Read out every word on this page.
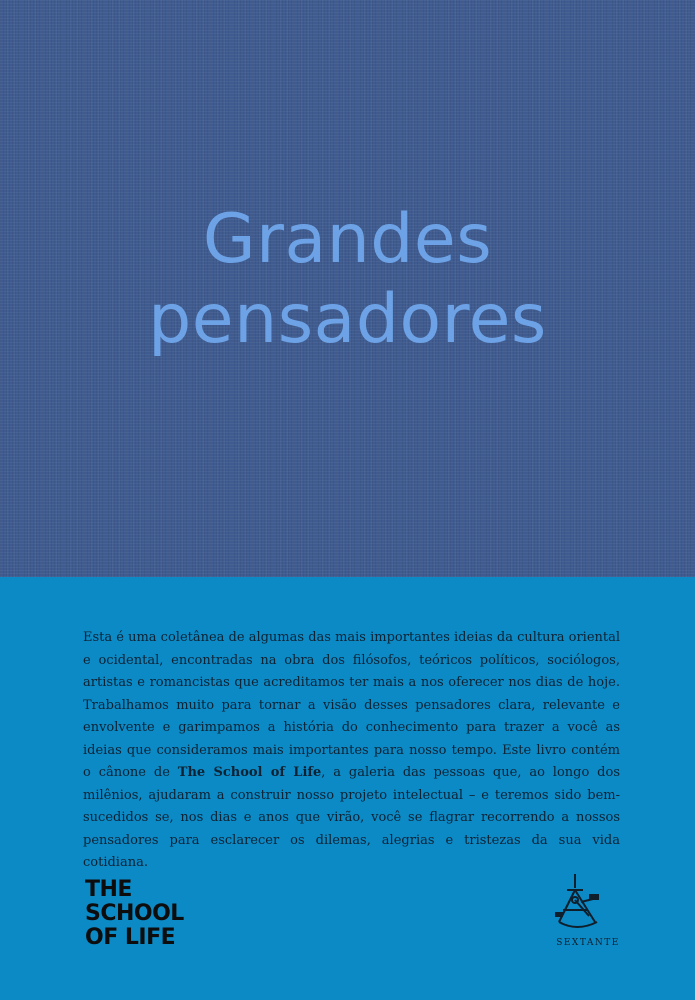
Grandes
pensadores

Esta é uma coletânea de algumas das mais importantes ideias da cultura oriental e ocidental, encontradas na obra dos filósofos, teóricos políticos, sociólogos, artistas e romancistas que acreditamos ter mais a nos oferecer nos dias de hoje. Trabalhamos muito para tornar a visão desses pensadores clara, relevante e envolvente e garimpamos a história do conhecimento para trazer a você as ideias que consideramos mais importantes para nosso tempo. Este livro contém o cânone de The School of Life, a galeria das pessoas que, ao longo dos milênios, ajudaram a construir nosso projeto intelectual – e teremos sido bem-sucedidos se, nos dias e anos que virão, você se flagrar recorrendo a nossos pensadores para esclarecer os dilemas, alegrias e tristezas da sua vida cotidiana.

THE
SCHOOL
OF LIFE	SEXTANTE
